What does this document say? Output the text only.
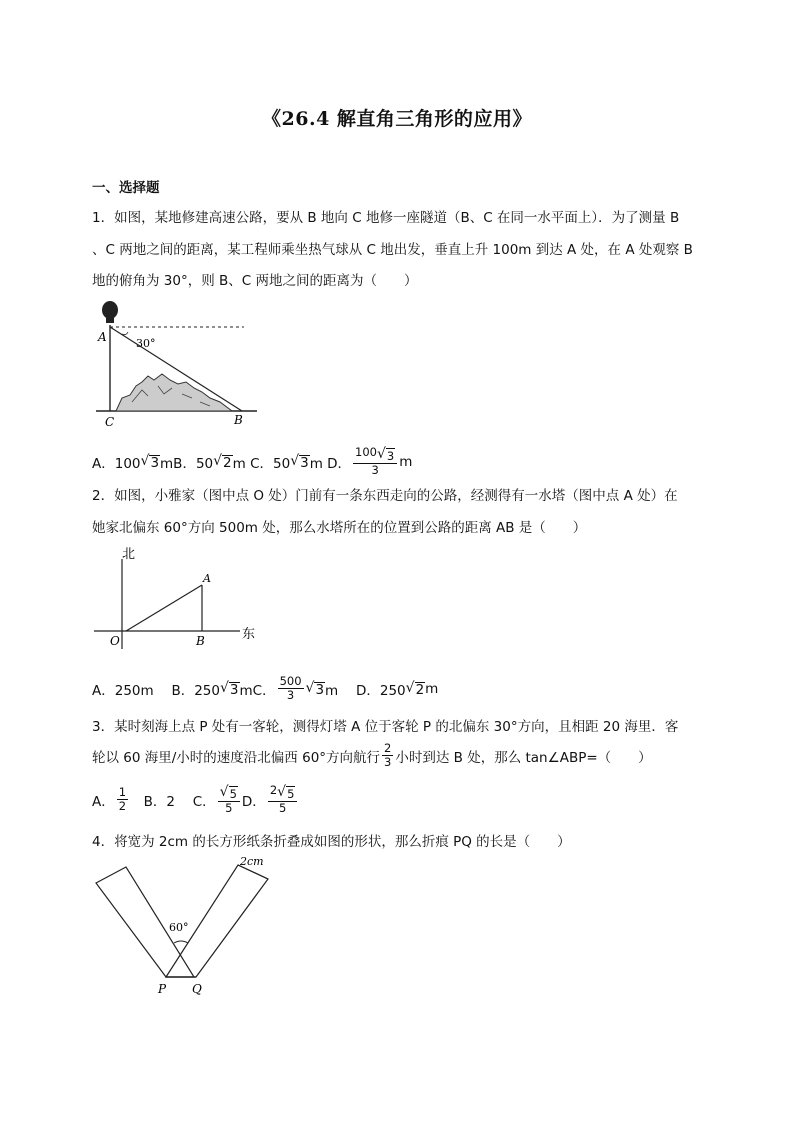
《26.4 解直角三角形的应用》
一、选择题
1．如图，某地修建高速公路，要从 B 地向 C 地修一座隧道（B、C 在同一水平面上）．为了测量 B
、C 两地之间的距离，某工程师乘坐热气球从 C 地出发，垂直上升 100m 到达 A 处，在 A 处观察 B
地的俯角为 30°，则 B、C 两地之间的距离为（　　）
A	30°
C	B
A．100 √ 3 mB．50 √ 2 m C．50 √ 3 m D． $\frac{100 √ 3}{3}$ m
2．如图，小雅家（图中点 O 处）门前有一条东西走向的公路，经测得有一水塔（图中点 A 处）在
她家北偏东 60°方向 500m 处，那么水塔所在的位置到公路的距离 AB 是（　　）
北
东
O
A
B
A．250m　 B．250 √ 3 mC． $\frac{500}{3}$ √ 3 m　 D．250 √ 2 m
3．某时刻海上点 P 处有一客轮，测得灯塔 A 位于客轮 P 的北偏东 30°方向，且相距 20 海里．客
轮以 60 海里/小时的速度沿北偏西 60°方向航行 $\frac{2}{3}$ 小时到达 B 处，那么 tan∠ABP=（　　）
A． $\frac{1}{2}$ 　B．2　 C． $\frac{√ 5}{5}$ D． $\frac{2 √ 5}{5}$
4．将宽为 2cm 的长方形纸条折叠成如图的形状，那么折痕 PQ 的长是（　　）
2cm
60°
P Q
